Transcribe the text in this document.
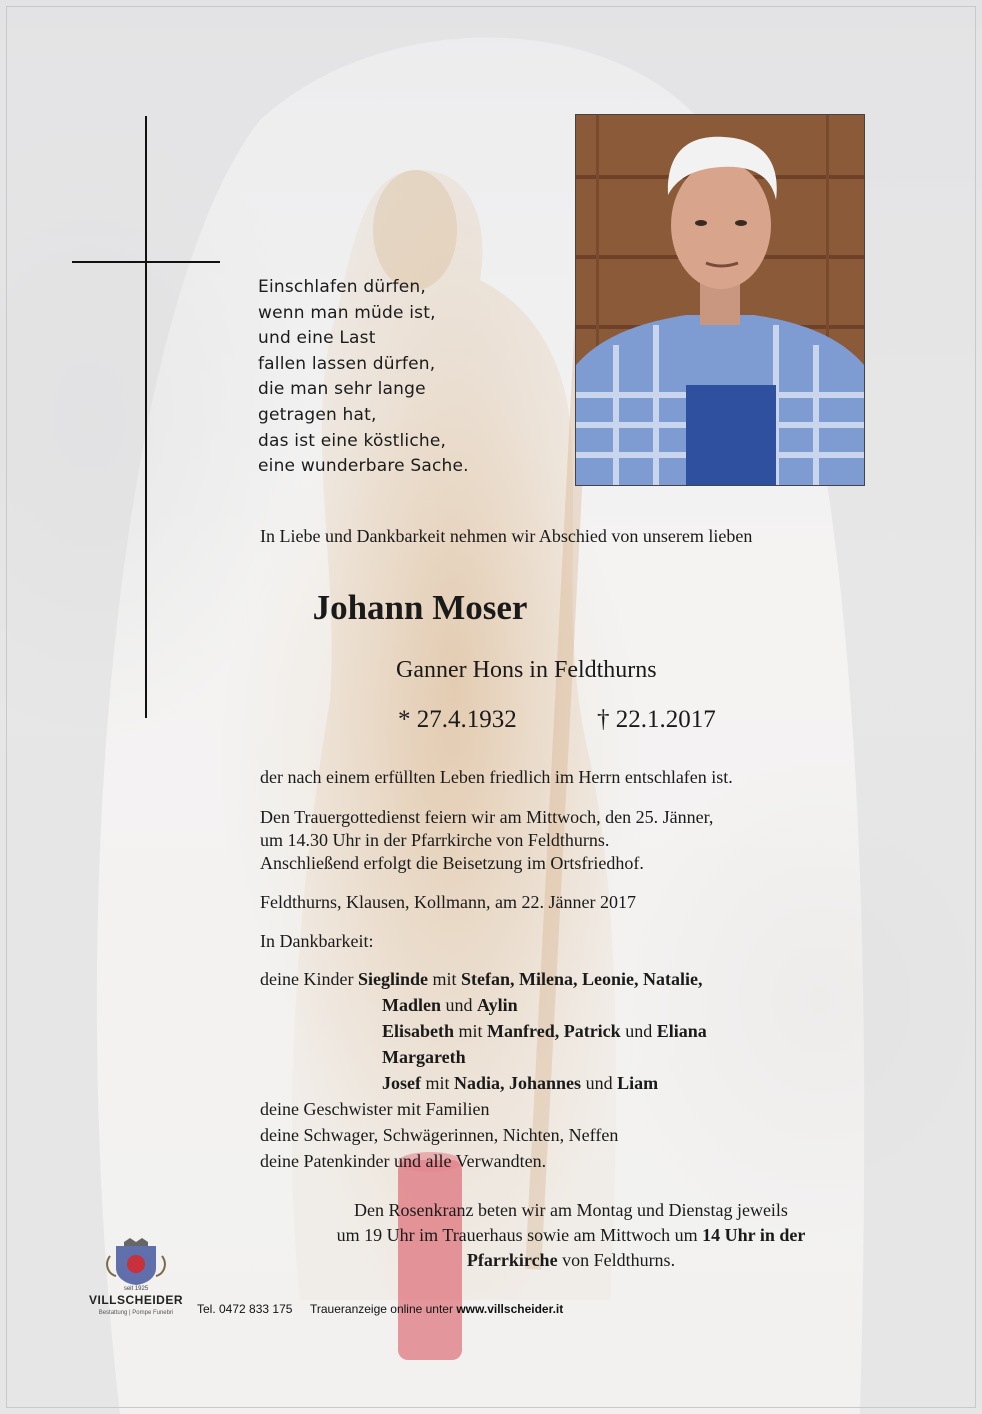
Einschlafen dürfen,
wenn man müde ist,
und eine Last
fallen lassen dürfen,
die man sehr lange
getragen hat,
das ist eine köstliche,
eine wunderbare Sache.
In Liebe und Dankbarkeit nehmen wir Abschied von unserem lieben
Johann Moser
Ganner Hons in Feldthurns
* 27.4.1932	† 22.1.2017
der nach einem erfüllten Leben friedlich im Herrn entschlafen ist.
Den Trauergottedienst feiern wir am Mittwoch, den 25. Jänner,
um 14.30 Uhr in der Pfarrkirche von Feldthurns.
Anschließend erfolgt die Beisetzung im Ortsfriedhof.
Feldthurns, Klausen, Kollmann, am 22. Jänner 2017
In Dankbarkeit:
deine Kinder Sieglinde mit Stefan, Milena, Leonie, Natalie,
Madlen und Aylin
Elisabeth mit Manfred, Patrick und Eliana
Margareth
Josef mit Nadia, Johannes und Liam
deine Geschwister mit Familien
deine Schwager, Schwägerinnen, Nichten, Neffen
deine Patenkinder und alle Verwandten.
Den Rosenkranz beten wir am Montag und Dienstag jeweils
um 19 Uhr im Trauerhaus sowie am Mittwoch um 14 Uhr in der
Pfarrkirche von Feldthurns.
seit 1925
VILLSCHEIDER
Bestattung | Pompe Funebri	Tel. 0472 833 175 Traueranzeige online unter www.villscheider.it
